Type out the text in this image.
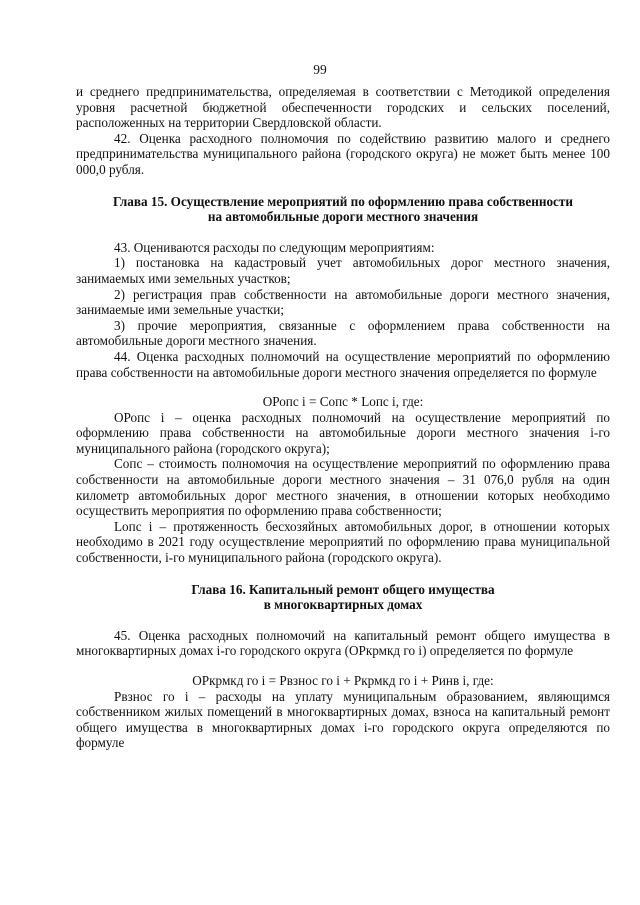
99

и среднего предпринимательства, определяемая в соответствии с Методикой определения уровня расчетной бюджетной обеспеченности городских и сельских поселений, расположенных на территории Свердловской области.

42. Оценка расходного полномочия по содействию развитию малого и среднего предпринимательства муниципального района (городского округа) не может быть менее 100 000,0 рубля.

Глава 15. Осуществление мероприятий по оформлению права собственности

на автомобильные дороги местного значения

43. Оцениваются расходы по следующим мероприятиям:

1) постановка на кадастровый учет автомобильных дорог местного значения, занимаемых ими земельных участков;

2) регистрация прав собственности на автомобильные дороги местного значения, занимаемые ими земельные участки;

3) прочие мероприятия, связанные с оформлением права собственности на автомобильные дороги местного значения.

44. Оценка расходных полномочий на осуществление мероприятий по оформлению права собственности на автомобильные дороги местного значения определяется по формуле

ОРопс i = Сопс * Lопс i, где:

ОРопс i – оценка расходных полномочий на осуществление мероприятий по оформлению права собственности на автомобильные дороги местного значения i-го муниципального района (городского округа);

Сопс – стоимость полномочия на осуществление мероприятий по оформлению права собственности на автомобильные дороги местного значения – 31 076,0 рубля на один километр автомобильных дорог местного значения, в отношении которых необходимо осуществить мероприятия по оформлению права собственности;

Lопс i – протяженность бесхозяйных автомобильных дорог, в отношении которых необходимо в 2021 году осуществление мероприятий по оформлению права муниципальной собственности, i-го муниципального района (городского округа).

Глава 16. Капитальный ремонт общего имущества

в многоквартирных домах

45. Оценка расходных полномочий на капитальный ремонт общего имущества в многоквартирных домах i-го городского округа (ОРкрмкд го i) определяется по формуле

ОРкрмкд го i = Рвзнос го i + Ркрмкд го i + Ринв i, где:

Рвзнос го i – расходы на уплату муниципальным образованием, являющимся собственником жилых помещений в многоквартирных домах, взноса на капитальный ремонт общего имущества в многоквартирных домах i-го городского округа определяются по формуле
